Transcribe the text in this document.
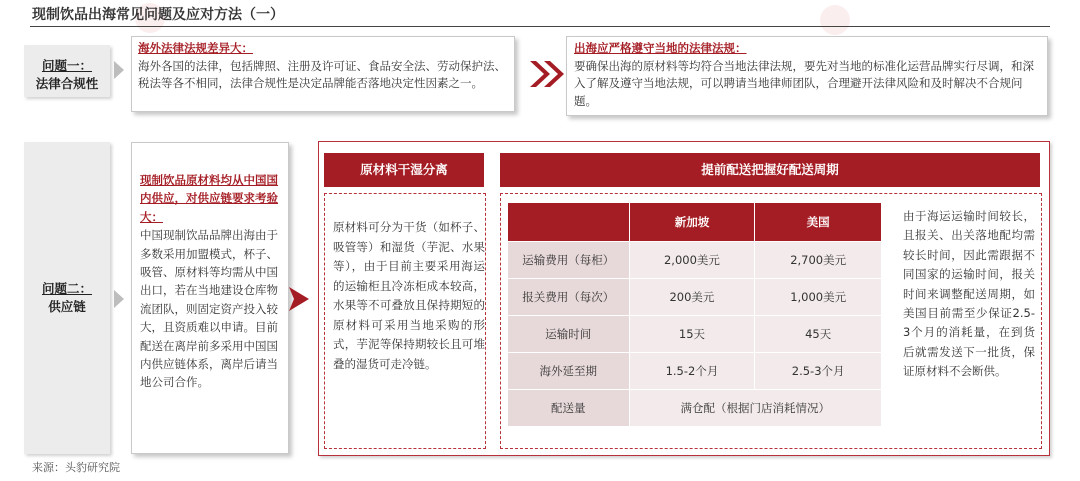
现制饮品出海常见问题及应对方法（一）
问题一：
法律合规性
海外法律法规差异大：
海外各国的法律，包括牌照、注册及许可证、食品安全法、劳动保护法、税法等各不相同，法律合规性是决定品牌能否落地决定性因素之一。
出海应严格遵守当地的法律法规：
要确保出海的原材料等均符合当地法律法规，要先对当地的标准化运营品牌实行尽调，和深入了解及遵守当地法规，可以聘请当地律师团队，合理避开法律风险和及时解决不合规问题。
问题二：
供应链
现制饮品原材料均从中国国内供应，对供应链要求考验大：
中国现制饮品品牌出海由于多数采用加盟模式，杯子、吸管、原材料等均需从中国出口，若在当地建设仓库物流团队，则固定资产投入较大，且资质难以申请。目前配送在离岸前多采用中国国内供应链体系，离岸后请当地公司合作。
原材料干湿分离
原材料可分为干货（如杯子、吸管等）和湿货（芋泥、水果等），由于目前主要采用海运的运输柜且冷冻柜成本较高，水果等不可叠放且保持期短的原材料可采用当地采购的形式，芋泥等保持期较长且可堆叠的湿货可走冷链。
提前配送把握好配送周期
	新加坡	美国
运输费用（每柜）	2,000美元	2,700美元
报关费用（每次）	200美元	1,000美元
运输时间	15天	45天
海外延至期	1.5-2个月	2.5-3个月
配送量	满仓配（根据门店消耗情况）	
由于海运运输时间较长，且报关、出关落地配均需较长时间，因此需跟据不同国家的运输时间，报关时间来调整配送周期，如美国目前需至少保证2.5-3个月的消耗量，在到货后就需发送下一批货，保证原材料不会断供。
来源：头豹研究院
